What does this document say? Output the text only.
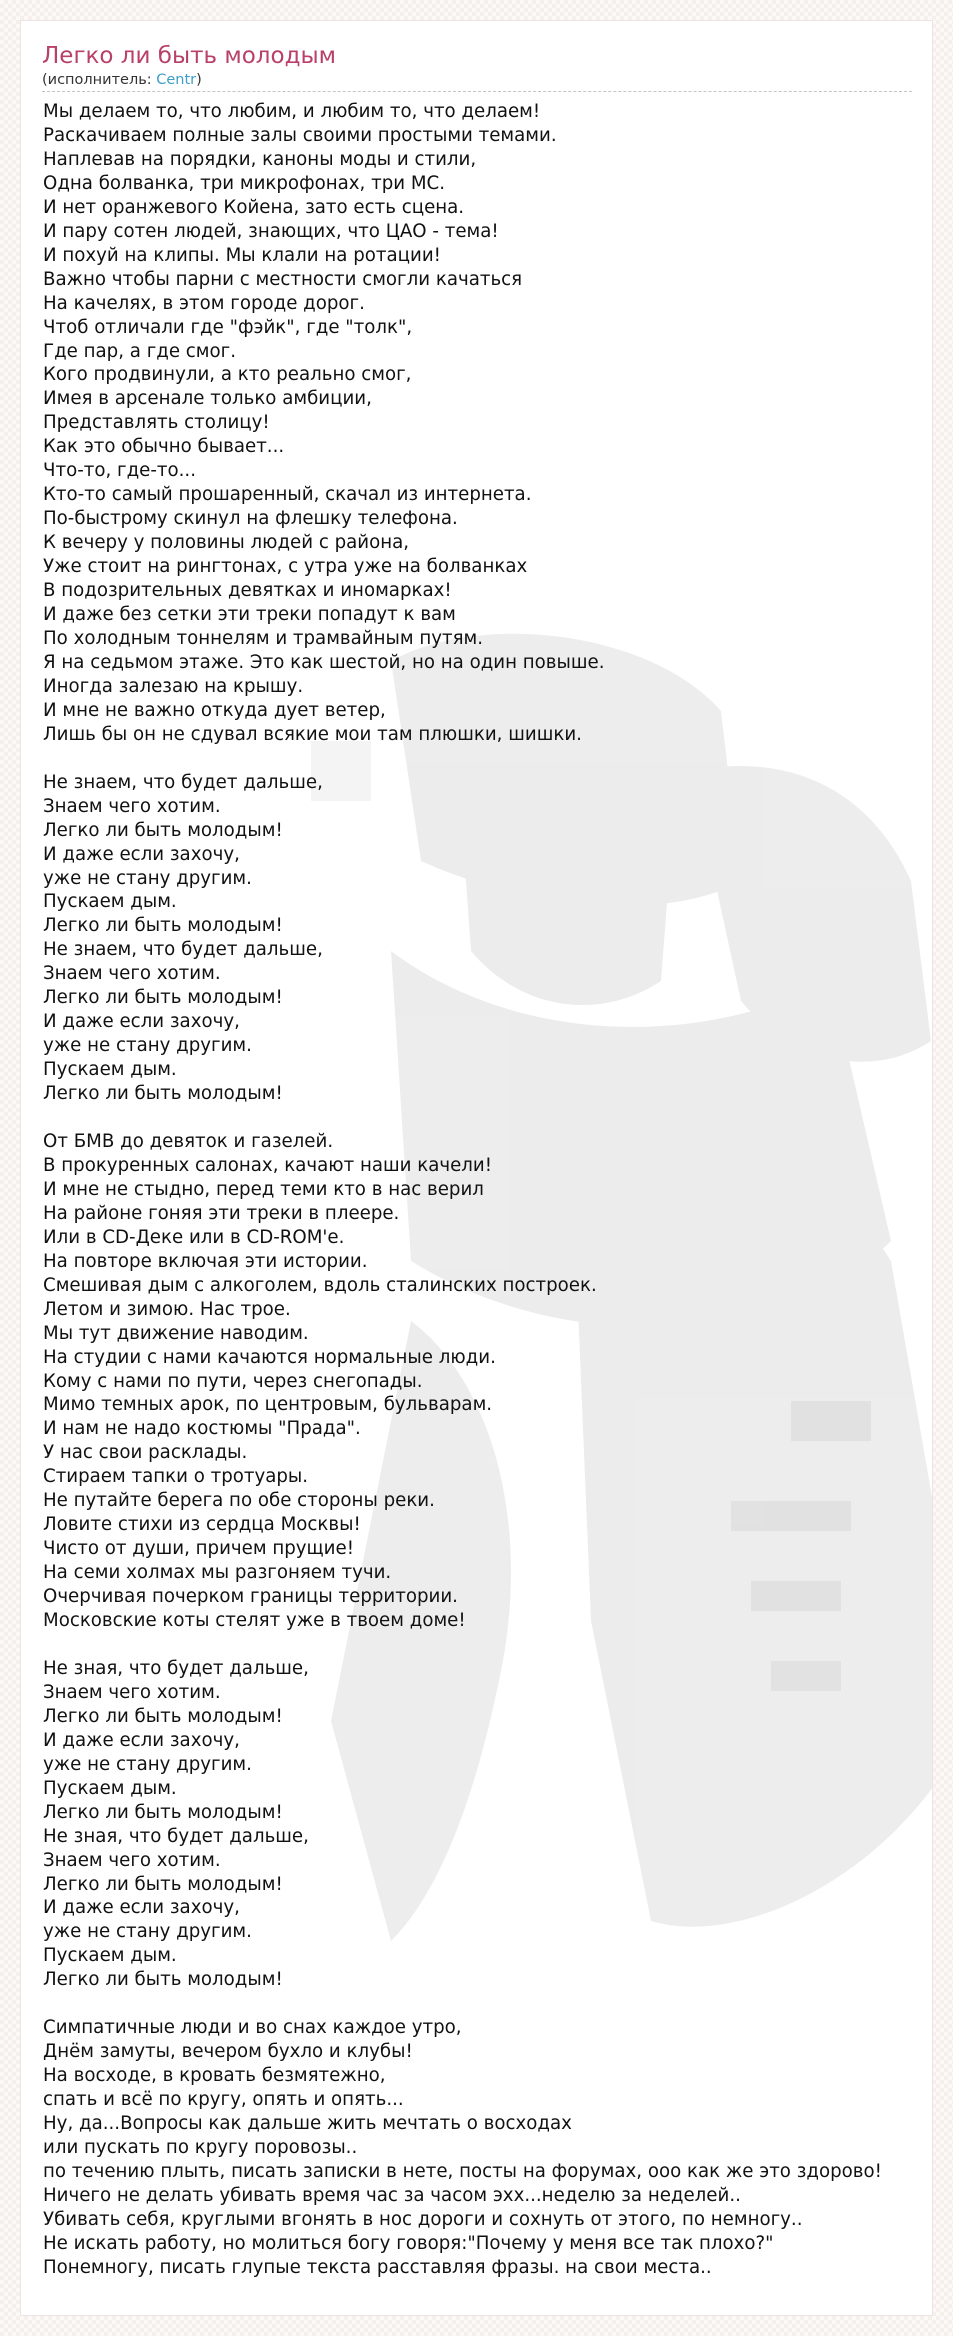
Легко ли быть молодым
(исполнитель: Centr)
Мы делаем то, что любим, и любим то, что делаем!
Раскачиваем полные залы своими простыми темами.
Наплевав на порядки, каноны моды и стили,
Одна болванка, три микрофонах, три МС.
И нет оранжевого Койена, зато есть сцена.
И пару сотен людей, знающих, что ЦАО - тема!
И похуй на клипы. Мы клали на ротации!
Важно чтобы парни с местности смогли качаться
На качелях, в этом городе дорог.
Чтоб отличали где "фэйк", где "толк",
Где пар, а где смог.
Кого продвинули, а кто реально смог,
Имея в арсенале только амбиции,
Представлять столицу!
Как это обычно бывает...
Что-то, где-то...
Кто-то самый прошаренный, скачал из интернета.
По-быстрому скинул на флешку телефона.
К вечеру у половины людей с района,
Уже стоит на рингтонах, с утра уже на болванках
В подозрительных девятках и иномарках!
И даже без сетки эти треки попадут к вам
По холодным тоннелям и трамвайным путям.
Я на седьмом этаже. Это как шестой, но на один повыше.
Иногда залезаю на крышу.
И мне не важно откуда дует ветер,
Лишь бы он не сдувал всякие мои там плюшки, шишки.
Не знаем, что будет дальше,
Знаем чего хотим.
Легко ли быть молодым!
И даже если захочу,
уже не стану другим.
Пускаем дым.
Легко ли быть молодым!
Не знаем, что будет дальше,
Знаем чего хотим.
Легко ли быть молодым!
И даже если захочу,
уже не стану другим.
Пускаем дым.
Легко ли быть молодым!
От БМВ до девяток и газелей.
В прокуренных салонах, качают наши качели!
И мне не стыдно, перед теми кто в нас верил
На районе гоняя эти треки в плеере.
Или в CD-Деке или в CD-ROM'е.
На повторе включая эти истории.
Смешивая дым с алкоголем, вдоль сталинских построек.
Летом и зимою. Нас трое.
Мы тут движение наводим.
На студии с нами качаются нормальные люди.
Кому с нами по пути, через снегопады.
Мимо темных арок, по центровым, бульварам.
И нам не надо костюмы "Прада".
У нас свои расклады.
Стираем тапки о тротуары.
Не путайте берега по обе стороны реки.
Ловите стихи из сердца Москвы!
Чисто от души, причем прущие!
На семи холмах мы разгоняем тучи.
Очерчивая почерком границы территории.
Московские коты стелят уже в твоем доме!
Не зная, что будет дальше,
Знаем чего хотим.
Легко ли быть молодым!
И даже если захочу,
уже не стану другим.
Пускаем дым.
Легко ли быть молодым!
Не зная, что будет дальше,
Знаем чего хотим.
Легко ли быть молодым!
И даже если захочу,
уже не стану другим.
Пускаем дым.
Легко ли быть молодым!
Симпатичные люди и во снах каждое утро,
Днём замуты, вечером бухло и клубы!
На восходе, в кровать безмятежно,
спать и всё по кругу, опять и опять...
Ну, да...Вопросы как дальше жить мечтать о восходах
или пускать по кругу поровозы..
по течению плыть, писать записки в нете, посты на форумах, ооо как же это здорово!
Ничего не делать убивать время час за часом эхх...неделю за неделей..
Убивать себя, круглыми вгонять в нос дороги и сохнуть от этого, по немногу..
Не искать работу, но молиться богу говоря:"Почему у меня все так плохо?"
Понемногу, писать глупые текста расставляя фразы. на свои места..
